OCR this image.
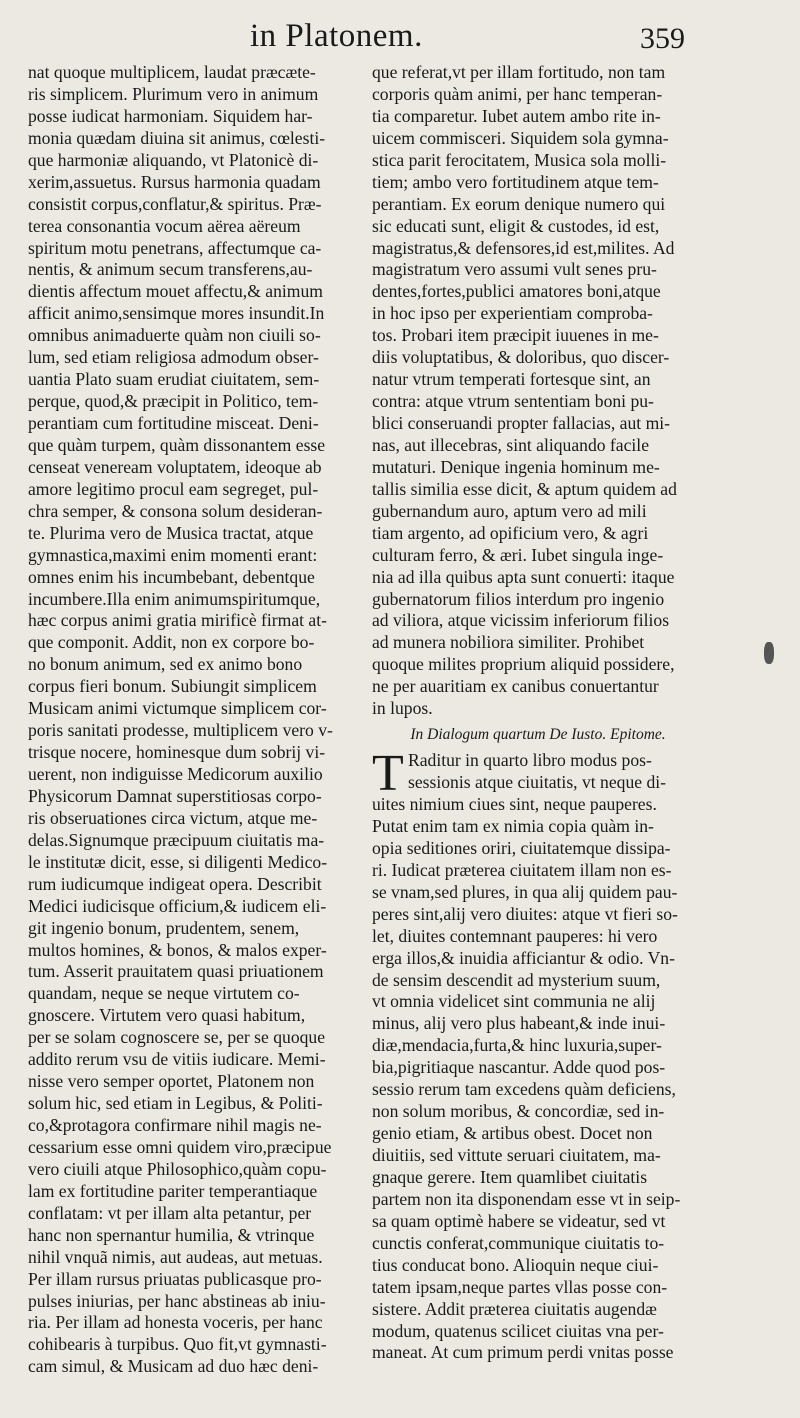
in Platonem.	359
nat quoque multiplicem, laudat præcæte-
ris simplicem. Plurimum vero in animum
posse iudicat harmoniam. Siquidem har-
monia quædam diuina sit animus, cœlesti-
que harmoniæ aliquando, vt Platonicè di-
xerim,assuetus. Rursus harmonia quadam
consistit corpus,conflatur,& spiritus. Præ-
terea consonantia vocum aërea aëreum
spiritum motu penetrans, affectumque ca-
nentis, & animum secum transferens,au-
dientis affectum mouet affectu,& animum
afficit animo,sensimque mores insundit.In
omnibus animaduerte quàm non ciuili so-
lum, sed etiam religiosa admodum obser-
uantia Plato suam erudiat ciuitatem, sem-
perque, quod,& præcipit in Politico, tem-
perantiam cum fortitudine misceat. Deni-
que quàm turpem, quàm dissonantem esse
censeat veneream voluptatem, ideoque ab
amore legitimo procul eam segreget, pul-
chra semper, & consona solum desideran-
te. Plurima vero de Musica tractat, atque
gymnastica,maximi enim momenti erant:
omnes enim his incumbebant, debentque
incumbere.Illa enim animumspiritumque,
hæc corpus animi gratia mirificè firmat at-
que componit. Addit, non ex corpore bo-
no bonum animum, sed ex animo bono
corpus fieri bonum. Subiungit simplicem
Musicam animi victumque simplicem cor-
poris sanitati prodesse, multiplicem vero v-
trisque nocere, hominesque dum sobrij vi-
uerent, non indiguisse Medicorum auxilio
Physicorum Damnat superstitiosas corpo-
ris obseruationes circa victum, atque me-
delas.Signumque præcipuum ciuitatis ma-
le institutæ dicit, esse, si diligenti Medico-
rum iudicumque indigeat opera. Describit
Medici iudicisque officium,& iudicem eli-
git ingenio bonum, prudentem, senem,
multos homines, & bonos, & malos exper-
tum. Asserit prauitatem quasi priuationem
quandam, neque se neque virtutem co-
gnoscere. Virtutem vero quasi habitum,
per se solam cognoscere se, per se quoque
addito rerum vsu de vitiis iudicare. Memi-
nisse vero semper oportet, Platonem non
solum hic, sed etiam in Legibus, & Politi-
co,&protagora confirmare nihil magis ne-
cessarium esse omni quidem viro,præcipue
vero ciuili atque Philosophico,quàm copu-
lam ex fortitudine pariter temperantiaque
conflatam: vt per illam alta petantur, per
hanc non spernantur humilia, & vtrinque
nihil vnquã nimis, aut audeas, aut metuas.
Per illam rursus priuatas publicasque pro-
pulses iniurias, per hanc abstineas ab iniu-
ria. Per illam ad honesta voceris, per hanc
cohibearis à turpibus. Quo fit,vt gymnasti-
cam simul, & Musicam ad duo hæc deni-
que referat,vt per illam fortitudo, non tam
corporis quàm animi, per hanc temperan-
tia comparetur. Iubet autem ambo rite in-
uicem commisceri. Siquidem sola gymna-
stica parit ferocitatem, Musica sola molli-
tiem; ambo vero fortitudinem atque tem-
perantiam. Ex eorum denique numero qui
sic educati sunt, eligit & custodes, id est,
magistratus,& defensores,id est,milites. Ad
magistratum vero assumi vult senes pru-
dentes,fortes,publici amatores boni,atque
in hoc ipso per experientiam comproba-
tos. Probari item præcipit iuuenes in me-
diis voluptatibus, & doloribus, quo discer-
natur vtrum temperati fortesque sint, an
contra: atque vtrum sententiam boni pu-
blici conseruandi propter fallacias, aut mi-
nas, aut illecebras, sint aliquando facile
mutaturi. Denique ingenia hominum me-
tallis similia esse dicit, & aptum quidem ad
gubernandum auro, aptum vero ad mili
tiam argento, ad opificium vero, & agri
culturam ferro, & æri. Iubet singula inge-
nia ad illa quibus apta sunt conuerti: itaque
gubernatorum filios interdum pro ingenio
ad viliora, atque vicissim inferiorum filios
ad munera nobiliora similiter. Prohibet
quoque milites proprium aliquid possidere,
ne per auaritiam ex canibus conuertantur
in lupos.
In Dialogum quartum De Iusto. Epitome.
Raditur in quarto libro modus pos-
sessionis atque ciuitatis, vt neque di-
uites nimium ciues sint, neque pauperes.
Putat enim tam ex nimia copia quàm in-
opia seditiones oriri, ciuitatemque dissipa-
ri. Iudicat præterea ciuitatem illam non es-
se vnam,sed plures, in qua alij quidem pau-
peres sint,alij vero diuites: atque vt fieri so-
let, diuites contemnant pauperes: hi vero
erga illos,& inuidia afficiantur & odio. Vn-
de sensim descendit ad mysterium suum,
vt omnia videlicet sint communia ne alij
minus, alij vero plus habeant,& inde inui-
diæ,mendacia,furta,& hinc luxuria,super-
bia,pigritiaque nascantur. Adde quod pos-
sessio rerum tam excedens quàm deficiens,
non solum moribus, & concordiæ, sed in-
genio etiam, & artibus obest. Docet non
diuitiis, sed vittute seruari ciuitatem, ma-
gnaque gerere. Item quamlibet ciuitatis
partem non ita disponendam esse vt in seip-
sa quam optimè habere se videatur, sed vt
cunctis conferat,communique ciuitatis to-
tius conducat bono. Alioquin neque ciui-
tatem ipsam,neque partes vllas posse con-
sistere. Addit præterea ciuitatis augendæ
modum, quatenus scilicet ciuitas vna per-
maneat. At cum primum perdi vnitas posse
T
